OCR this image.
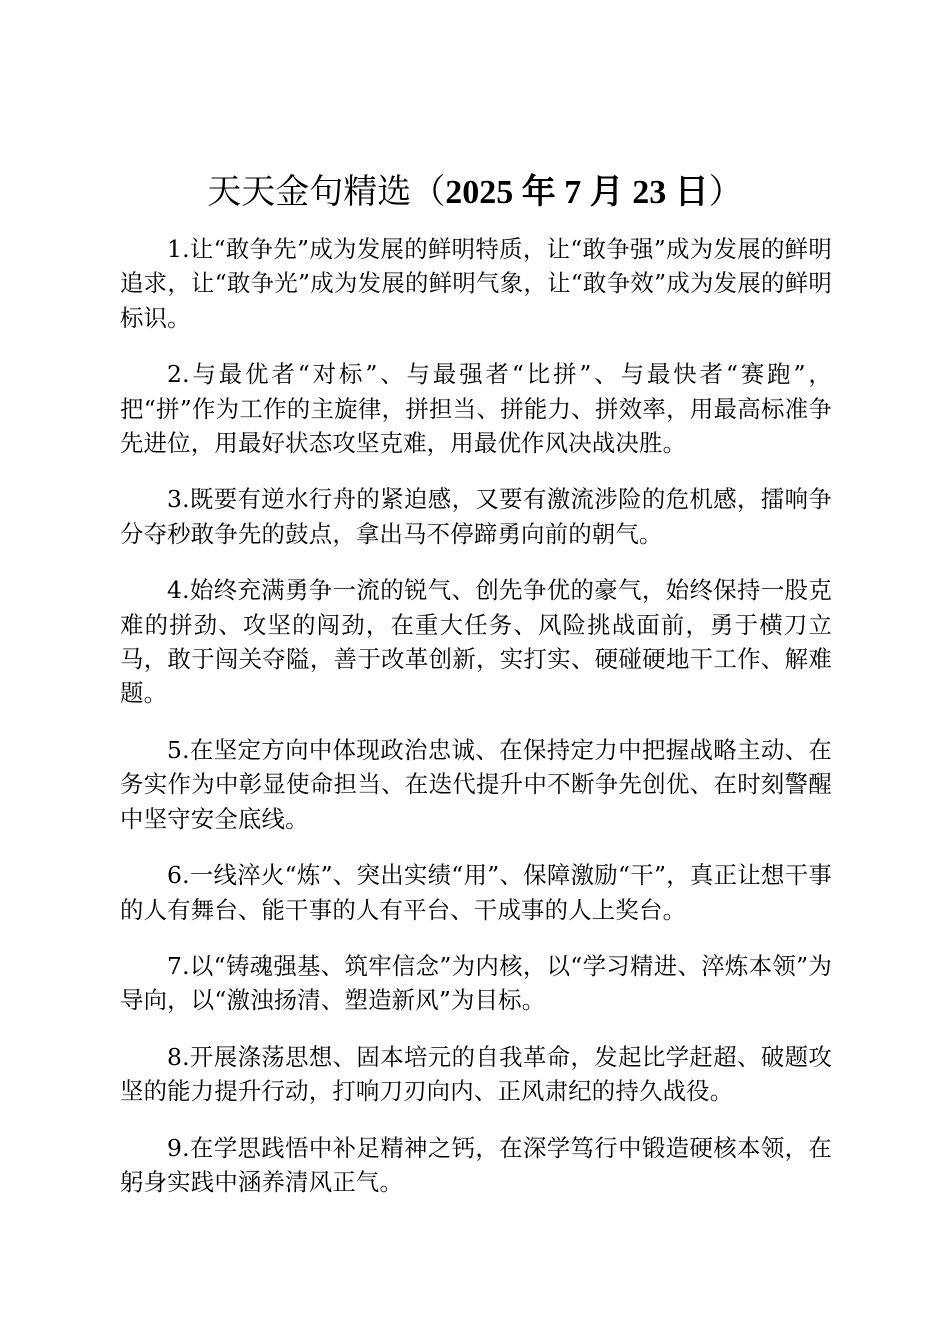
天天金句精选（2025 年 7 月 23 日）

1.让“敢争先”成为发展的鲜明特质，让“敢争强”成为发展的鲜明追求，让“敢争光”成为发展的鲜明气象，让“敢争效”成为发展的鲜明标识。

2.与最优者“对标”、与最强者“比拼”、与最快者“赛跑”，把“拼”作为工作的主旋律，拼担当、拼能力、拼效率，用最高标准争先进位，用最好状态攻坚克难，用最优作风决战决胜。

3.既要有逆水行舟的紧迫感，又要有激流涉险的危机感，擂响争分夺秒敢争先的鼓点，拿出马不停蹄勇向前的朝气。

4.始终充满勇争一流的锐气、创先争优的豪气，始终保持一股克难的拼劲、攻坚的闯劲，在重大任务、风险挑战面前，勇于横刀立马，敢于闯关夺隘，善于改革创新，实打实、硬碰硬地干工作、解难题。

5.在坚定方向中体现政治忠诚、在保持定力中把握战略主动、在务实作为中彰显使命担当、在迭代提升中不断争先创优、在时刻警醒中坚守安全底线。

6.一线淬火“炼”、突出实绩“用”、保障激励“干”，真正让想干事的人有舞台、能干事的人有平台、干成事的人上奖台。

7.以“铸魂强基、筑牢信念”为内核，以“学习精进、淬炼本领”为导向，以“激浊扬清、塑造新风”为目标。

8.开展涤荡思想、固本培元的自我革命，发起比学赶超、破题攻坚的能力提升行动，打响刀刃向内、正风肃纪的持久战役。

9.在学思践悟中补足精神之钙，在深学笃行中锻造硬核本领，在躬身实践中涵养清风正气。
